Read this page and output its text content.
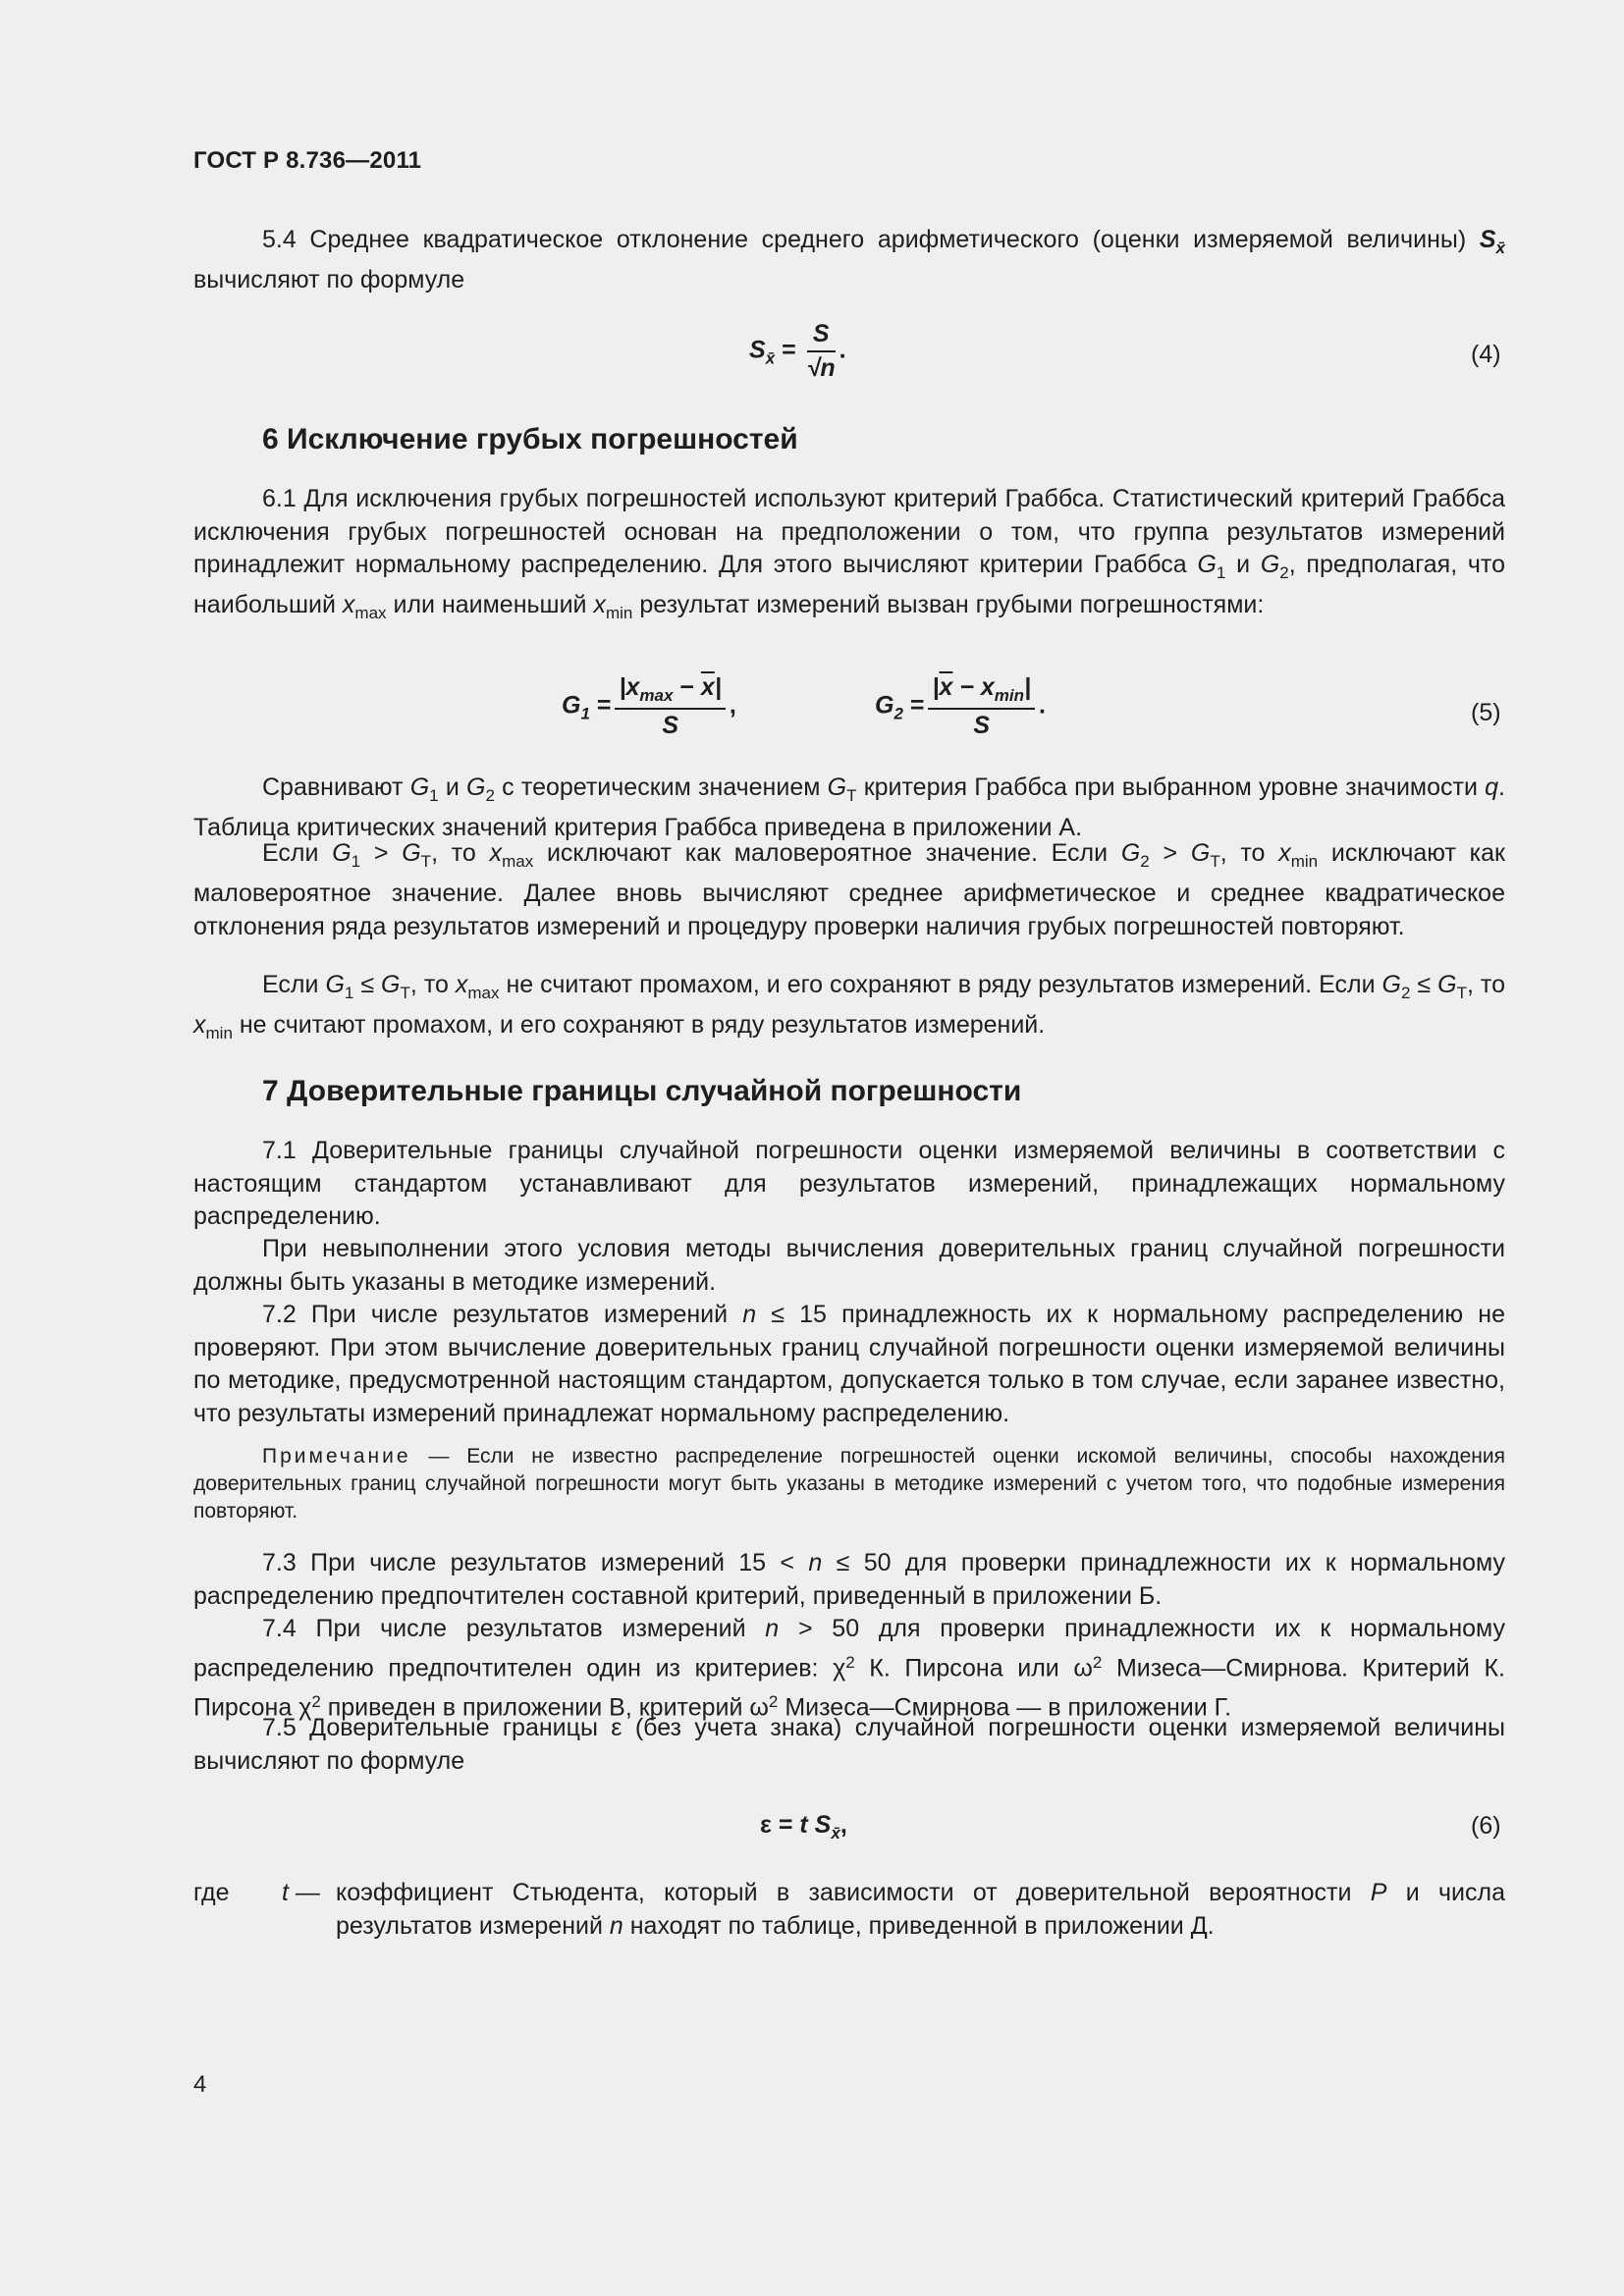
ГОСТ Р 8.736—2011
5.4 Среднее квадратическое отклонение среднего арифметического (оценки измеряемой величины) $S_{x̄}$ вычисляют по формуле
$S_{x̄} = \frac{S}{√n}$ .	(4)
6 Исключение грубых погрешностей
6.1 Для исключения грубых погрешностей используют критерий Граббса. Статистический критерий Граббса исключения грубых погрешностей основан на предположении о том, что группа результатов измерений принадлежит нормальному распределению. Для этого вычисляют критерии Граббса $G_1$ и $G_2$, предполагая, что наибольший $x_{max}$ или наименьший $x_{min}$ результат измерений вызван грубыми погрешностями:
$G_1 = \frac{|x_{max} - \overline{x}|}{S}$ ,	$G_2 = \frac{|\overline{x} - x_{min}|}{S}$ .	(5)
Сравнивают $G_1$ и $G_2$ с теоретическим значением $G_T$ критерия Граббса при выбранном уровне значимости q. Таблица критических значений критерия Граббса приведена в приложении А.
Если $G_1 > G_T$, то $x_{max}$ исключают как маловероятное значение. Если $G_2 > G_T$, то $x_{min}$ исключают как маловероятное значение. Далее вновь вычисляют среднее арифметическое и среднее квадратическое отклонения ряда результатов измерений и процедуру проверки наличия грубых погрешностей повторяют.
Если $G_1 \le G_T$, то $x_{max}$ не считают промахом, и его сохраняют в ряду результатов измерений. Если $G_2 \le G_T$, то $x_{min}$ не считают промахом, и его сохраняют в ряду результатов измерений.
7 Доверительные границы случайной погрешности
7.1 Доверительные границы случайной погрешности оценки измеряемой величины в соответствии с настоящим стандартом устанавливают для результатов измерений, принадлежащих нормальному распределению.
При невыполнении этого условия методы вычисления доверительных границ случайной погрешности должны быть указаны в методике измерений.
7.2 При числе результатов измерений n ≤ 15 принадлежность их к нормальному распределению не проверяют. При этом вычисление доверительных границ случайной погрешности оценки измеряемой величины по методике, предусмотренной настоящим стандартом, допускается только в том случае, если заранее известно, что результаты измерений принадлежат нормальному распределению.
Примечание — Если не известно распределение погрешностей оценки искомой величины, способы нахождения доверительных границ случайной погрешности могут быть указаны в методике измерений с учетом того, что подобные измерения повторяют.
7.3 При числе результатов измерений 15 < n ≤ 50 для проверки принадлежности их к нормальному распределению предпочтителен составной критерий, приведенный в приложении Б.
7.4 При числе результатов измерений n > 50 для проверки принадлежности их к нормальному распределению предпочтителен один из критериев: $\chi^2$ К. Пирсона или $\omega^2$ Мизеса—Смирнова. Критерий К. Пирсона $\chi^2$ приведен в приложении В, критерий $\omega^2$ Мизеса—Смирнова — в приложении Г.
7.5 Доверительные границы ε (без учета знака) случайной погрешности оценки измеряемой величины вычисляют по формуле
ε = t $S_{x̄}$,	(6)
где t — коэффициент Стьюдента, который в зависимости от доверительной вероятности P и числа результатов измерений n находят по таблице, приведенной в приложении Д.
4
